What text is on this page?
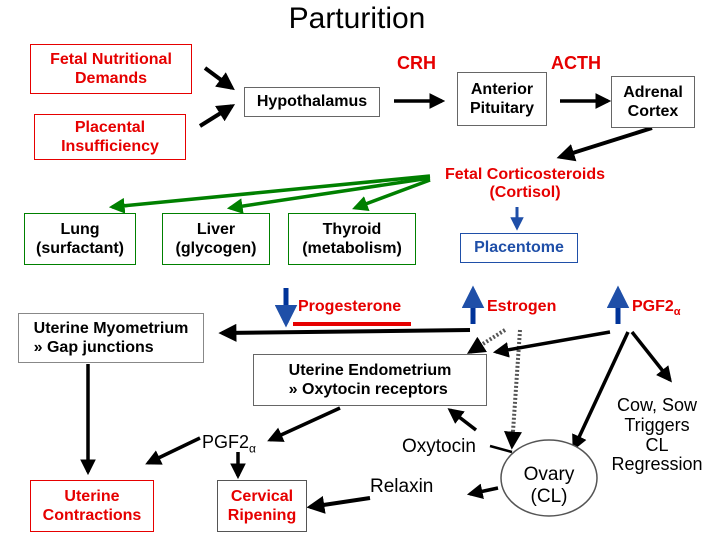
Parturition
Fetal Nutritional
Demands
Placental
Insufficiency
Hypothalamus
CRH	ACTH
Anterior
Pituitary
Adrenal
Cortex
Fetal Corticosteroids
(Cortisol)
Lung
(surfactant)
Liver
(glycogen)
Thyroid
(metabolism)	Placentome
Progesterone	Estrogen	$PGF2_\alpha$
Uterine Myometrium
» Gap junctions
Uterine Endometrium
» Oxytocin receptors
$PGF2_\alpha$	Oxytocin
Cow, Sow
Triggers
CL
Regression
Ovary
(CL)
Uterine
Contractions
Cervical
Ripening
Relaxin
